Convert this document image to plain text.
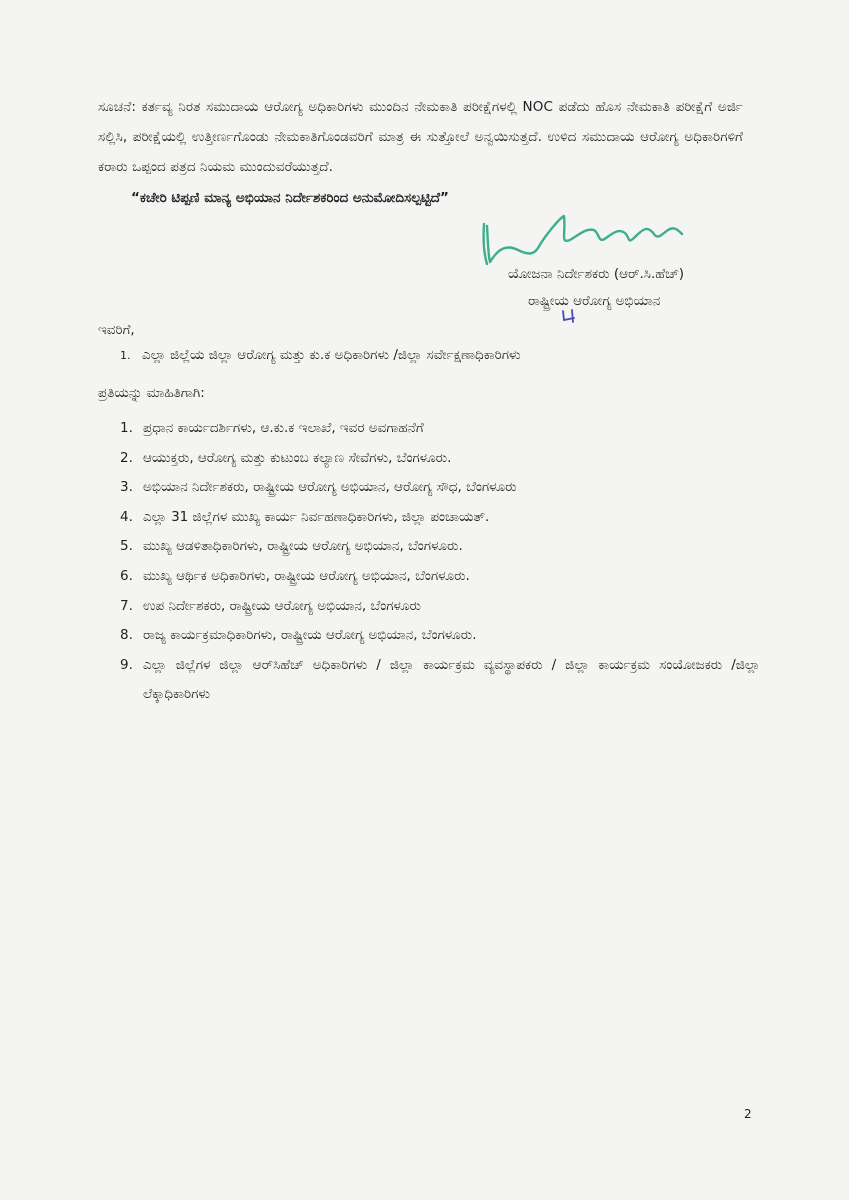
ಸೂಚನೆ: ಕರ್ತವ್ಯ ನಿರತ ಸಮುದಾಯ ಆರೋಗ್ಯ ಅಧಿಕಾರಿಗಳು ಮುಂದಿನ ನೇಮಕಾತಿ ಪರೀಕ್ಷೆಗಳಲ್ಲಿ NOC ಪಡೆದು ಹೊಸ ನೇಮಕಾತಿ ಪರೀಕ್ಷೆಗೆ ಅರ್ಜಿ ಸಲ್ಲಿಸಿ, ಪರೀಕ್ಷೆಯಲ್ಲಿ ಉತ್ತೀರ್ಣಗೊಂಡು ನೇಮಕಾತಿಗೊಂಡವರಿಗೆ ಮಾತ್ರ ಈ ಸುತ್ತೋಲೆ ಅನ್ವಯಿಸುತ್ತದೆ. ಉಳಿದ ಸಮುದಾಯ ಆರೋಗ್ಯ ಅಧಿಕಾರಿಗಳಿಗೆ ಕರಾರು ಒಪ್ಪಂದ ಪತ್ರದ ನಿಯಮ ಮುಂದುವರೆಯುತ್ತದೆ.

“ಕಚೇರಿ ಟಿಪ್ಪಣಿ ಮಾನ್ಯ ಅಭಿಯಾನ ನಿರ್ದೇಶಕರಿಂದ ಅನುಮೋದಿಸಲ್ಪಟ್ಟಿದೆ”
ಯೋಜನಾ ನಿರ್ದೇಶಕರು (ಆರ್.ಸಿ.ಹೆಚ್)
ರಾಷ್ಟ್ರೀಯ ಆರೋಗ್ಯ ಅಭಿಯಾನ
ಇವರಿಗೆ,
1. ಎಲ್ಲಾ ಜಿಲ್ಲೆಯ ಜಿಲ್ಲಾ ಆರೋಗ್ಯ ಮತ್ತು ಕು.ಕ ಅಧಿಕಾರಿಗಳು /ಜಿಲ್ಲಾ ಸರ್ವೇಕ್ಷಣಾಧಿಕಾರಿಗಳು
ಪ್ರತಿಯನ್ನು ಮಾಹಿತಿಗಾಗಿ:
1. ಪ್ರಧಾನ ಕಾರ್ಯದರ್ಶಿಗಳು, ಆ.ಕು.ಕ ಇಲಾಖೆ, ಇವರ ಅವಗಾಹನೆಗೆ
2. ಆಯುಕ್ತರು, ಆರೋಗ್ಯ ಮತ್ತು ಕುಟುಂಬ ಕಲ್ಯಾಣ ಸೇವೆಗಳು, ಬೆಂಗಳೂರು.
3. ಅಭಿಯಾನ ನಿರ್ದೇಶಕರು, ರಾಷ್ಟ್ರೀಯ ಆರೋಗ್ಯ ಅಭಿಯಾನ, ಆರೋಗ್ಯ ಸೌಧ, ಬೆಂಗಳೂರು
4. ಎಲ್ಲಾ 31 ಜಿಲ್ಲೆಗಳ ಮುಖ್ಯ ಕಾರ್ಯ ನಿರ್ವಹಣಾಧಿಕಾರಿಗಳು, ಜಿಲ್ಲಾ ಪಂಚಾಯತ್.
5. ಮುಖ್ಯ ಆಡಳಿತಾಧಿಕಾರಿಗಳು, ರಾಷ್ಟ್ರೀಯ ಆರೋಗ್ಯ ಅಭಿಯಾನ, ಬೆಂಗಳೂರು.
6. ಮುಖ್ಯ ಆರ್ಥಿಕ ಅಧಿಕಾರಿಗಳು, ರಾಷ್ಟ್ರೀಯ ಆರೋಗ್ಯ ಅಭಿಯಾನ, ಬೆಂಗಳೂರು.
7. ಉಪ ನಿರ್ದೇಶಕರು, ರಾಷ್ಟ್ರೀಯ ಆರೋಗ್ಯ ಅಭಿಯಾನ, ಬೆಂಗಳೂರು
8. ರಾಜ್ಯ ಕಾರ್ಯಕ್ರಮಾಧಿಕಾರಿಗಳು, ರಾಷ್ಟ್ರೀಯ ಆರೋಗ್ಯ ಅಭಿಯಾನ, ಬೆಂಗಳೂರು.
9. ಎಲ್ಲಾ ಜಿಲ್ಲೆಗಳ ಜಿಲ್ಲಾ ಆರ್‌ಸಿಹೆಚ್ ಅಧಿಕಾರಿಗಳು / ಜಿಲ್ಲಾ ಕಾರ್ಯಕ್ರಮ ವ್ಯವಸ್ಥಾಪಕರು / ಜಿಲ್ಲಾ ಕಾರ್ಯಕ್ರಮ ಸಂಯೋಜಕರು /ಜಿಲ್ಲಾ ಲೆಕ್ಕಾಧಿಕಾರಿಗಳು
2
